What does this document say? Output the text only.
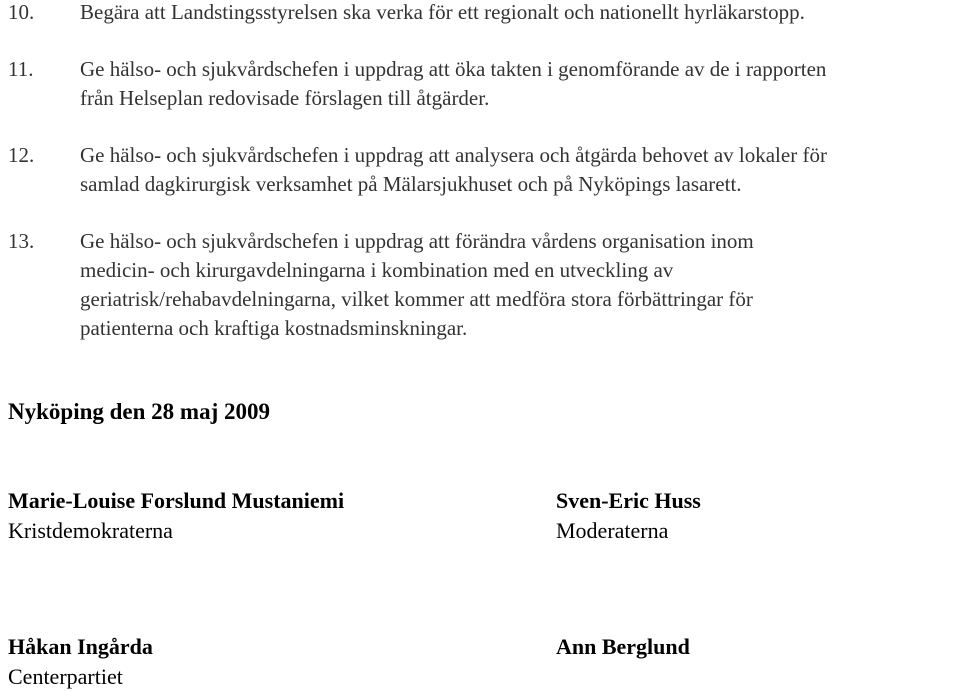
10.	Begära att Landstingsstyrelsen ska verka för ett regionalt och nationellt hyrläkarstopp.
11.	Ge hälso- och sjukvårdschefen i uppdrag att öka takten i genomförande av de i rapporten
från Helseplan redovisade förslagen till åtgärder.
12.	Ge hälso- och sjukvårdschefen i uppdrag att analysera och åtgärda behovet av lokaler för
samlad dagkirurgisk verksamhet på Mälarsjukhuset och på Nyköpings lasarett.
13.	Ge hälso- och sjukvårdschefen i uppdrag att förändra vårdens organisation inom
medicin- och kirurgavdelningarna i kombination med en utveckling av
geriatrisk/rehabavdelningarna, vilket kommer att medföra stora förbättringar för
patienterna och kraftiga kostnadsminskningar.
Nyköping den 28 maj 2009
Marie-Louise Forslund Mustaniemi
Kristdemokraterna
Sven-Eric Huss
Moderaterna
Håkan Ingårda
Centerpartiet
Ann Berglund
